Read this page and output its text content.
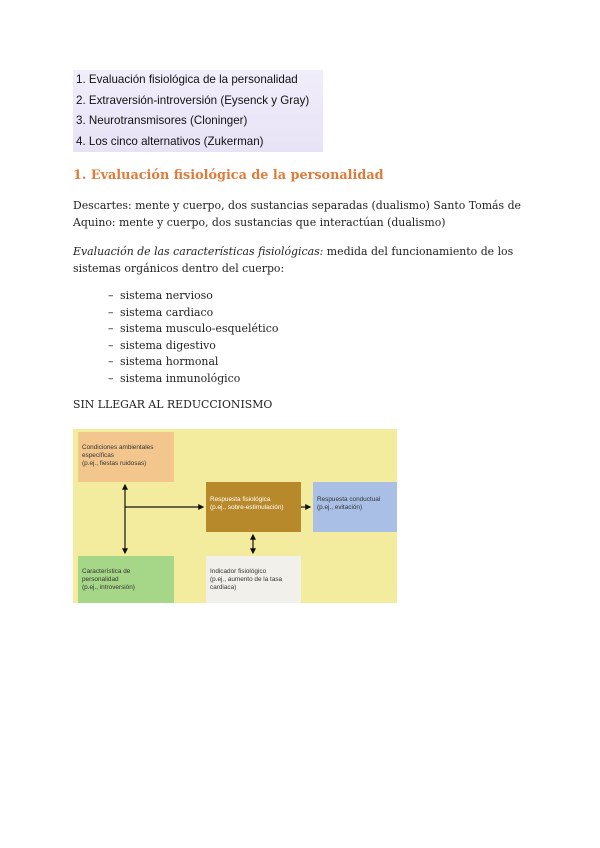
1. Evaluación fisiológica de la personalidad
2. Extraversión-introversión (Eysenck y Gray)
3. Neurotransmisores (Cloninger)
4. Los cinco alternativos (Zukerman)
1. Evaluación fisiológica de la personalidad
Descartes: mente y cuerpo, dos sustancias separadas (dualismo) Santo Tomás de Aquino: mente y cuerpo, dos sustancias que interactúan (dualismo)
Evaluación de las características fisiológicas: medida del funcionamiento de los sistemas orgánicos dentro del cuerpo:
– sistema nervioso
– sistema cardiaco
– sistema musculo-esquelético
– sistema digestivo
– sistema hormonal
– sistema inmunológico
SIN LLEGAR AL REDUCCIONISMO
Condiciones ambientales
específicas
(p.ej., fiestas ruidosas)
Respuesta fisiológica
(p.ej., sobre-estimulación)
Respuesta conductual
(p.ej., evitación)
Característica de
personalidad
(p.ej., introversión)
Indicador fisiológico
(p.ej., aumento de la tasa
cardiaca)
